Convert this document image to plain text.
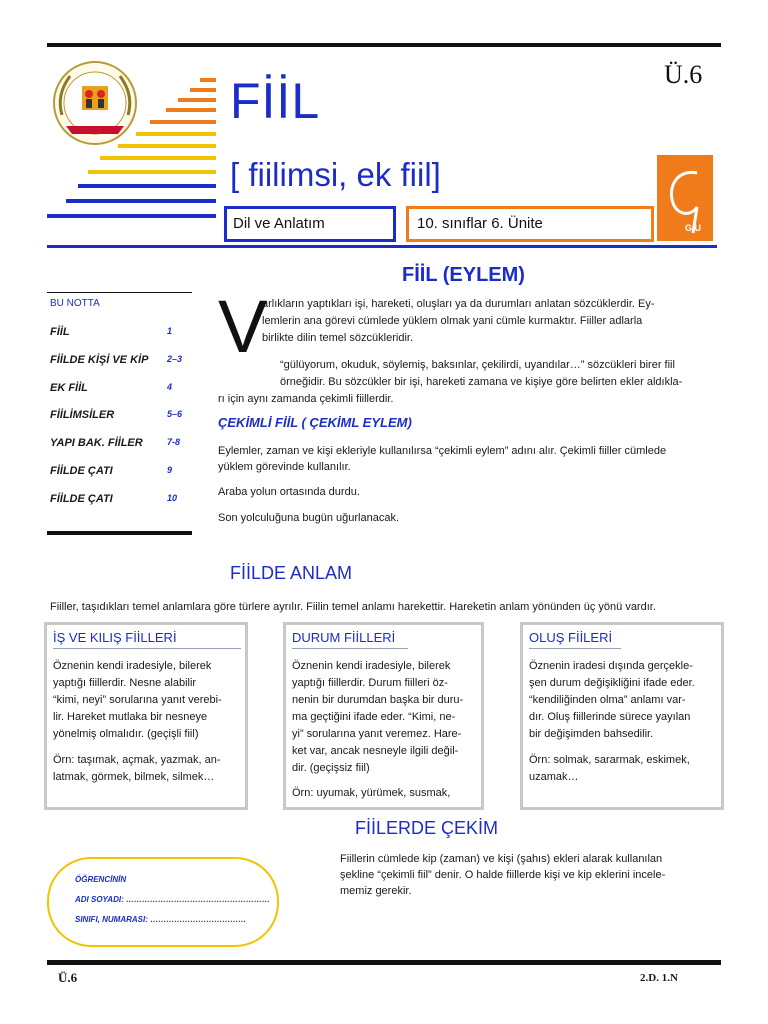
FİİL
[ fiilimsi, ek fiil]
Ü.6
G U
Dil ve Anlatım	10. sınıflar 6. Ünite
BU NOTTA
FİİL	1
FİİLDE KİŞİ VE KİP 2–3
EK FİİL	4
FİİLİMSİLER	5–6
YAPI BAK. FİİLER	7-8
FİİLDE ÇATI	9
FİİLDE ÇATI	10
FİİL (EYLEM)
V
arlıkların yaptıkları işi, hareketi, oluşları ya da durumları anlatan sözcüklerdir. Ey-
lemlerin ana görevi cümlede yüklem olmak yani cümle kurmaktır. Fiiller adlarla
birlikte dilin temel sözcükleridir.
“gülüyorum, okuduk, söylemiş, baksınlar, çekilirdi, uyandılar…” sözcükleri birer fiil
örneğidir. Bu sözcükler bir işi, hareketi zamana ve kişiye göre belirten ekler aldıkla-
rı için aynı zamanda çekimli fiillerdir.
ÇEKİMLİ FİİL ( ÇEKİML EYLEM)
Eylemler, zaman ve kişi ekleriyle kullanılırsa “çekimli eylem” adını alır. Çekimli fiiller cümlede
yüklem görevinde kullanılır.
Araba yolun ortasında durdu.
Son yolculuğuna bugün uğurlanacak.
FİİLDE ANLAM
Fiiller, taşıdıkları temel anlamlara göre türlere ayrılır. Fiilin temel anlamı harekettir. Hareketin anlam yönünden üç yönü vardır.
İŞ VE KILIŞ FİİLLERİ
Öznenin kendi iradesiyle, bilerek
yaptığı fiillerdir. Nesne alabilir
“kimi, neyi” sorularına yanıt verebi-
lir. Hareket mutlaka bir nesneye
yönelmiş olmalıdır. (geçişli fiil)
Örn: taşımak, açmak, yazmak, an-
latmak, görmek, bilmek, silmek…
DURUM FİİLLERİ
Öznenin kendi iradesiyle, bilerek
yaptığı fiillerdir. Durum fiilleri öz-
nenin bir durumdan başka bir duru-
ma geçtiğini ifade eder. “Kimi, ne-
yi” sorularına yanıt veremez. Hare-
ket var, ancak nesneyle ilgili değil-
dir. (geçişsiz fiil)
Örn: uyumak, yürümek, susmak,
OLUŞ FİİLERİ
Öznenin iradesi dışında gerçekle-
şen durum değişikliğini ifade eder.
“kendiliğinden olma” anlamı var-
dır. Oluş fiillerinde sürece yayılan
bir değişimden bahsedilir.
Örn: solmak, sararmak, eskimek,
uzamak…
FİİLERDE ÇEKİM
Fiillerin cümlede kip (zaman) ve kişi (şahıs) ekleri alarak kullanılan
şekline “çekimli fiil” denir. O halde fiillerde kişi ve kip eklerini incele-
memiz gerekir.
ÖĞRENCİNİN
ADI SOYADI: ………………………………………………
SINIFI, NUMARASI: ………………………………
Ü.6	2.D. 1.N
